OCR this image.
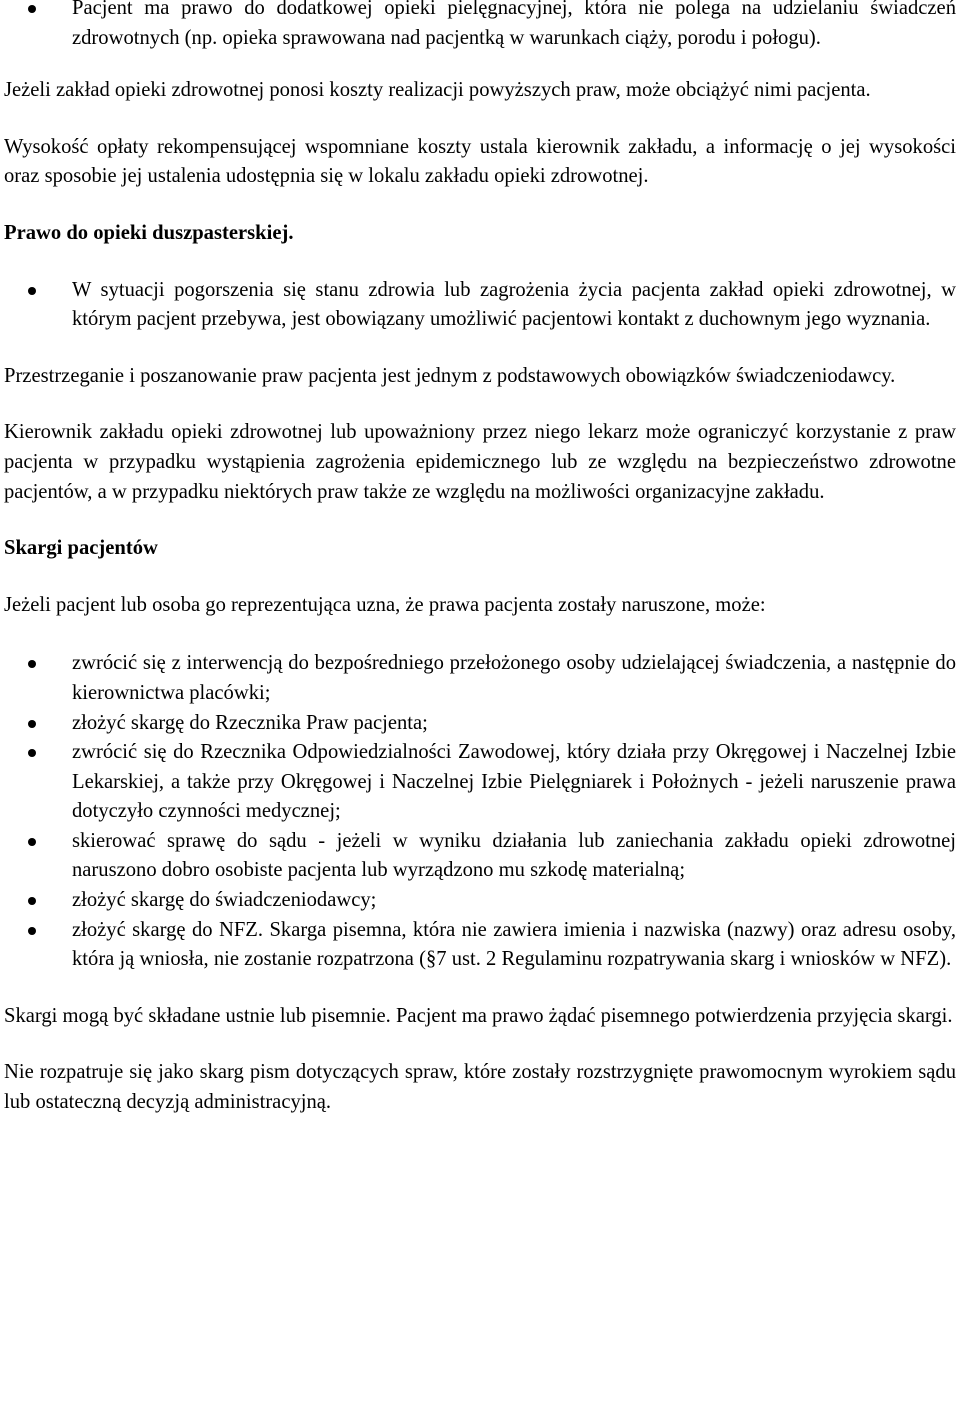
Pacjent ma prawo do dodatkowej opieki pielęgnacyjnej, która nie polega na udzielaniu świadczeń zdrowotnych (np. opieka sprawowana nad pacjentką w warunkach ciąży, porodu i połogu).

Jeżeli zakład opieki zdrowotnej ponosi koszty realizacji powyższych praw, może obciążyć nimi pacjenta.

Wysokość opłaty rekompensującej wspomniane koszty ustala kierownik zakładu, a informację o jej wysokości oraz sposobie jej ustalenia udostępnia się w lokalu zakładu opieki zdrowotnej.

Prawo do opieki duszpasterskiej.

W sytuacji pogorszenia się stanu zdrowia lub zagrożenia życia pacjenta zakład opieki zdrowotnej, w którym pacjent przebywa, jest obowiązany umożliwić pacjentowi kontakt z duchownym jego wyznania.

Przestrzeganie i poszanowanie praw pacjenta jest jednym z podstawowych obowiązków świadczeniodawcy.

Kierownik zakładu opieki zdrowotnej lub upoważniony przez niego lekarz może ograniczyć korzystanie z praw pacjenta w przypadku wystąpienia zagrożenia epidemicznego lub ze względu na bezpieczeństwo zdrowotne pacjentów, a w przypadku niektórych praw także ze względu na możliwości organizacyjne zakładu.

Skargi pacjentów

Jeżeli pacjent lub osoba go reprezentująca uzna, że prawa pacjenta zostały naruszone, może:

zwrócić się z interwencją do bezpośredniego przełożonego osoby udzielającej świadczenia, a następnie do kierownictwa placówki;
złożyć skargę do Rzecznika Praw pacjenta;
zwrócić się do Rzecznika Odpowiedzialności Zawodowej, który działa przy Okręgowej i Naczelnej Izbie Lekarskiej, a także przy Okręgowej i Naczelnej Izbie Pielęgniarek i Położnych - jeżeli naruszenie prawa dotyczyło czynności medycznej;
skierować sprawę do sądu - jeżeli w wyniku działania lub zaniechania zakładu opieki zdrowotnej naruszono dobro osobiste pacjenta lub wyrządzono mu szkodę materialną;
złożyć skargę do świadczeniodawcy;
złożyć skargę do NFZ. Skarga pisemna, która nie zawiera imienia i nazwiska (nazwy) oraz adresu osoby, która ją wniosła, nie zostanie rozpatrzona (§7 ust. 2 Regulaminu rozpatrywania skarg i wniosków w NFZ).

Skargi mogą być składane ustnie lub pisemnie. Pacjent ma prawo żądać pisemnego potwierdzenia przyjęcia skargi.

Nie rozpatruje się jako skarg pism dotyczących spraw, które zostały rozstrzygnięte prawomocnym wyrokiem sądu lub ostateczną decyzją administracyjną.
